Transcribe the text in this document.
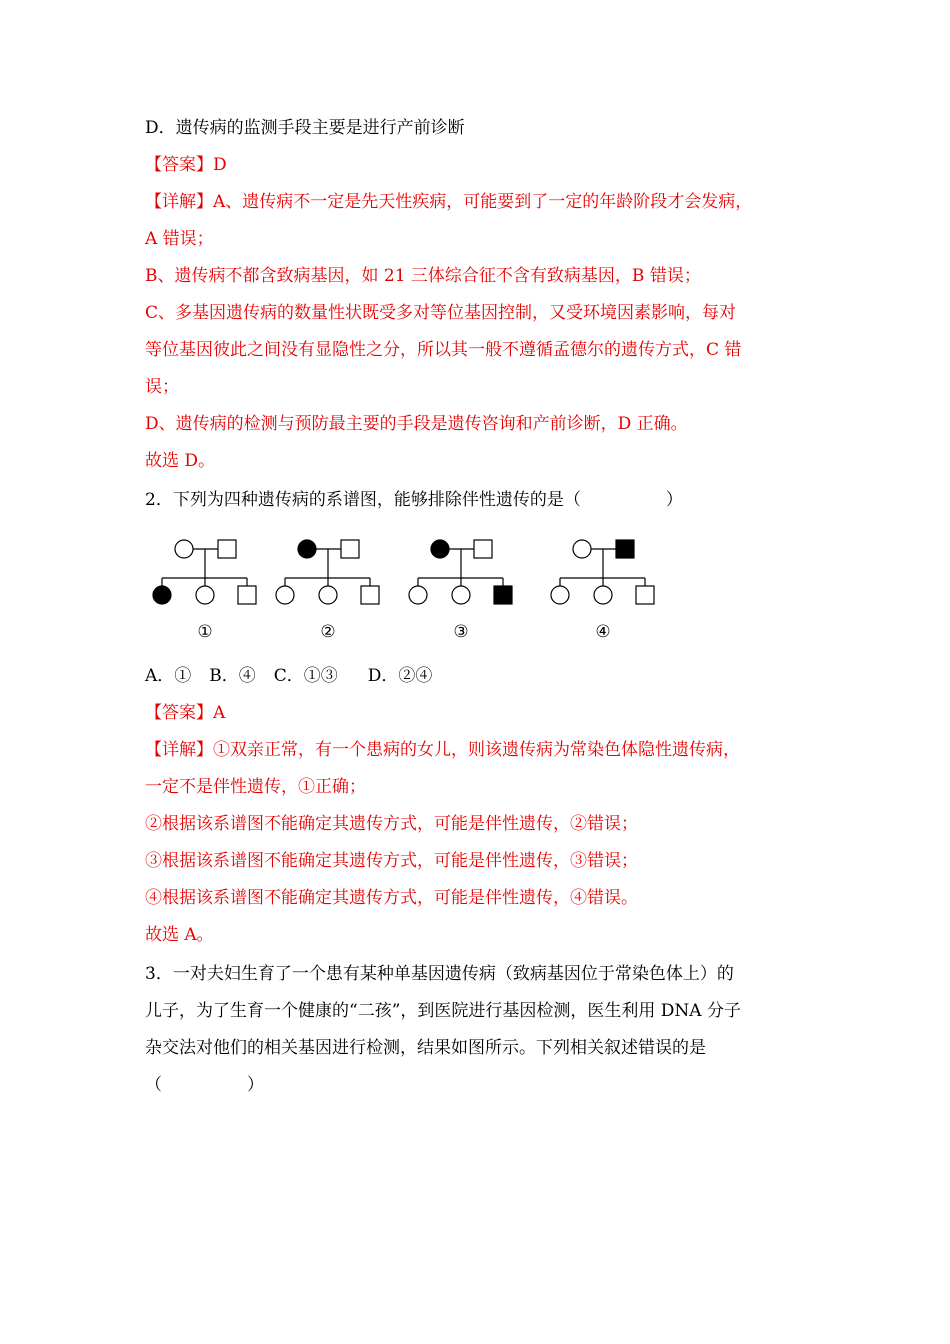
D．遗传病的监测手段主要是进行产前诊断
【答案】D
【详解】A、遗传病不一定是先天性疾病，可能要到了一定的年龄阶段才会发病，
A 错误；
B、遗传病不都含致病基因，如 21 三体综合征不含有致病基因，B 错误；
C、多基因遗传病的数量性状既受多对等位基因控制，又受环境因素影响，每对
等位基因彼此之间没有显隐性之分，所以其一般不遵循孟德尔的遗传方式，C 错
误；
D、遗传病的检测与预防最主要的手段是遗传咨询和产前诊断，D 正确。
故选 D。
2．下列为四种遗传病的系谱图，能够排除伴性遗传的是（　　　　　）
①	②	③	④
A．① B．④ C．①③ D．②④
【答案】A
【详解】①双亲正常，有一个患病的女儿，则该遗传病为常染色体隐性遗传病，
一定不是伴性遗传，①正确；
②根据该系谱图不能确定其遗传方式，可能是伴性遗传，②错误；
③根据该系谱图不能确定其遗传方式，可能是伴性遗传，③错误；
④根据该系谱图不能确定其遗传方式，可能是伴性遗传，④错误。
故选 A。
3．一对夫妇生育了一个患有某种单基因遗传病（致病基因位于常染色体上）的
儿子，为了生育一个健康的“二孩”，到医院进行基因检测，医生利用 DNA 分子
杂交法对他们的相关基因进行检测，结果如图所示。下列相关叙述错误的是
（　　　　　）
